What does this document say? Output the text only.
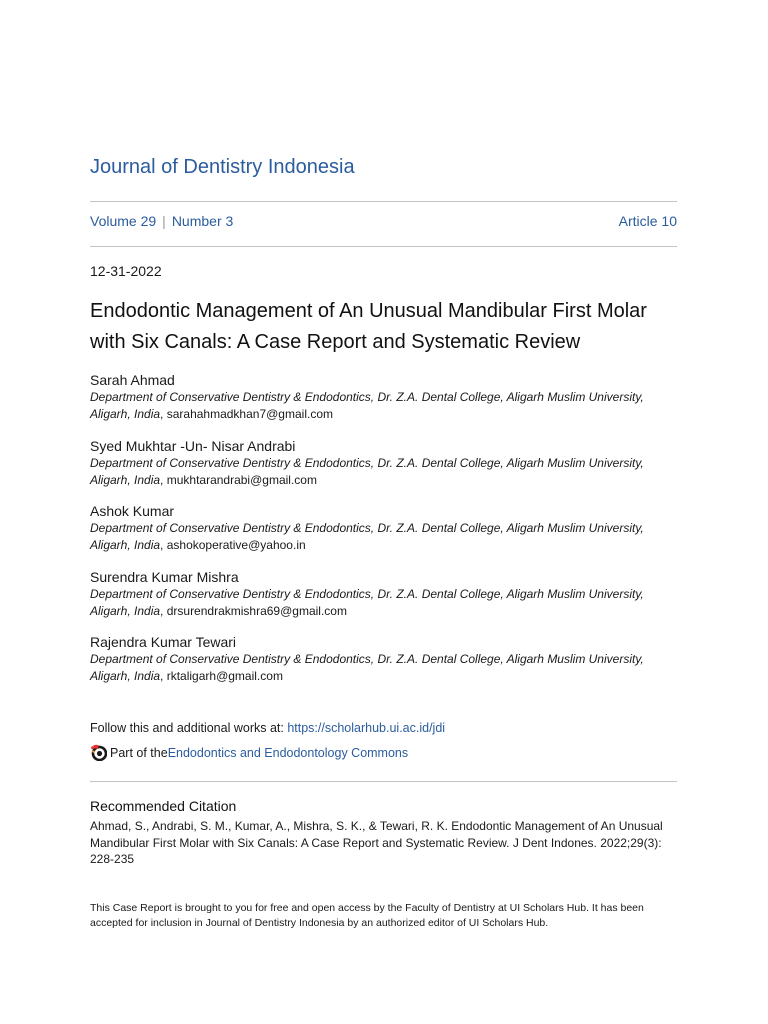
Journal of Dentistry Indonesia
Volume 29 | Number 3	Article 10
12-31-2022
Endodontic Management of An Unusual Mandibular First Molar with Six Canals: A Case Report and Systematic Review
Sarah Ahmad
Department of Conservative Dentistry & Endodontics, Dr. Z.A. Dental College, Aligarh Muslim University, Aligarh, India, sarahahmadkhan7@gmail.com
Syed Mukhtar -Un- Nisar Andrabi
Department of Conservative Dentistry & Endodontics, Dr. Z.A. Dental College, Aligarh Muslim University, Aligarh, India, mukhtarandrabi@gmail.com
Ashok Kumar
Department of Conservative Dentistry & Endodontics, Dr. Z.A. Dental College, Aligarh Muslim University, Aligarh, India, ashokoperative@yahoo.in
Surendra Kumar Mishra
Department of Conservative Dentistry & Endodontics, Dr. Z.A. Dental College, Aligarh Muslim University, Aligarh, India, drsurendrakmishra69@gmail.com
Rajendra Kumar Tewari
Department of Conservative Dentistry & Endodontics, Dr. Z.A. Dental College, Aligarh Muslim University, Aligarh, India, rktaligarh@gmail.com
Follow this and additional works at: https://scholarhub.ui.ac.id/jdi
Part of the Endodontics and Endodontology Commons
Recommended Citation
Ahmad, S., Andrabi, S. M., Kumar, A., Mishra, S. K., & Tewari, R. K. Endodontic Management of An Unusual Mandibular First Molar with Six Canals: A Case Report and Systematic Review. J Dent Indones. 2022;29(3): 228-235
This Case Report is brought to you for free and open access by the Faculty of Dentistry at UI Scholars Hub. It has been accepted for inclusion in Journal of Dentistry Indonesia by an authorized editor of UI Scholars Hub.
